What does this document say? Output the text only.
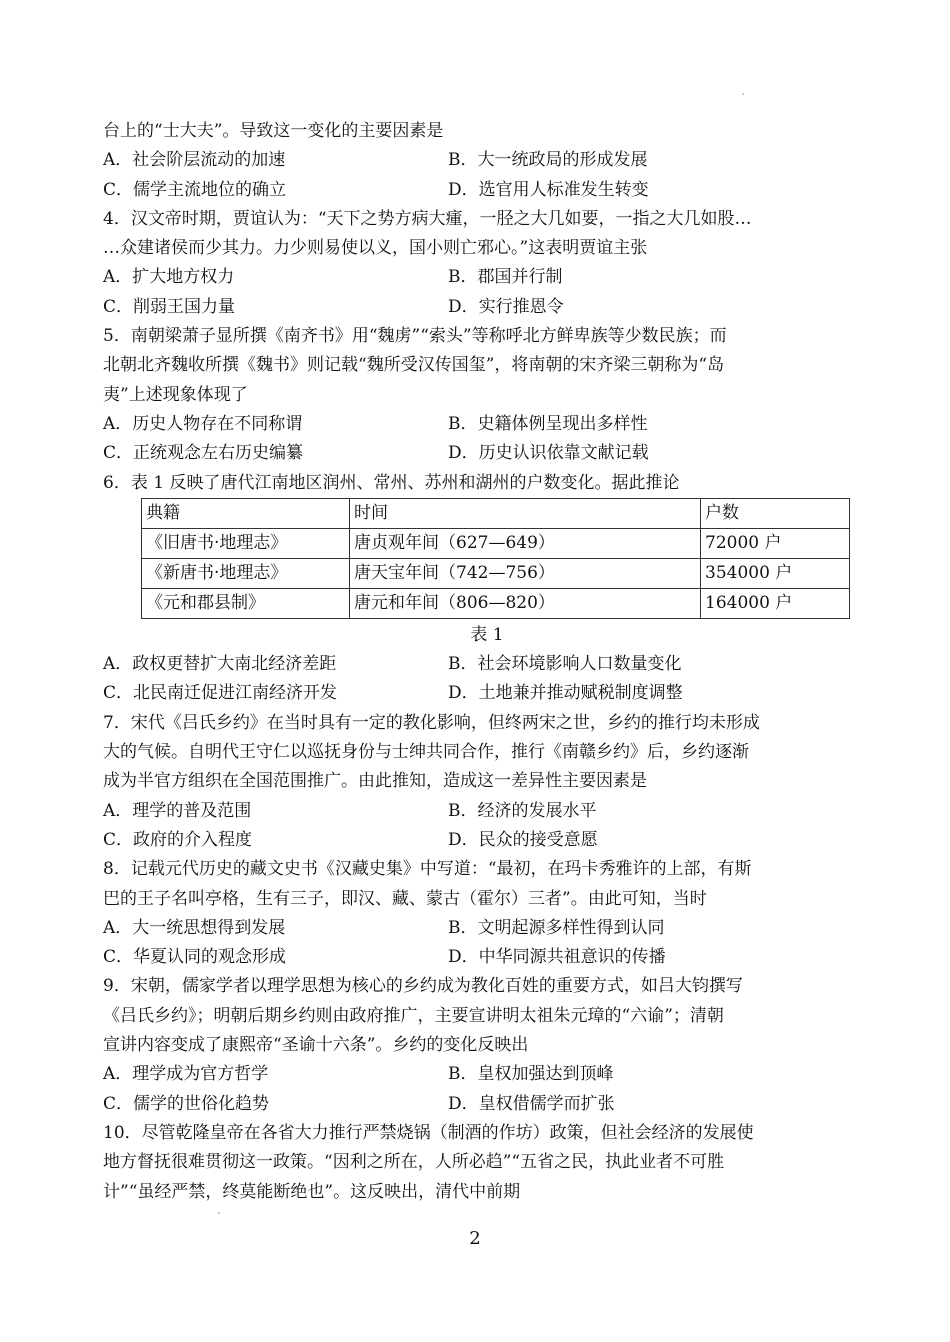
台上的“士大夫”。导致这一变化的主要因素是
A．社会阶层流动的加速	B．大一统政局的形成发展
C．儒学主流地位的确立	D．选官用人标准发生转变
4．汉文帝时期，贾谊认为：“天下之势方病大瘇，一胫之大几如要，一指之大几如股…
…众建诸侯而少其力。力少则易使以义，国小则亡邪心。”这表明贾谊主张
A．扩大地方权力	B．郡国并行制
C．削弱王国力量	D．实行推恩令
5．南朝梁萧子显所撰《南齐书》用“魏虏”“索头”等称呼北方鲜卑族等少数民族；而
北朝北齐魏收所撰《魏书》则记载“魏所受汉传国玺”，将南朝的宋齐梁三朝称为“岛
夷”上述现象体现了
A．历史人物存在不同称谓	B．史籍体例呈现出多样性
C．正统观念左右历史编纂	D．历史认识依靠文献记载
6．表 1 反映了唐代江南地区润州、常州、苏州和湖州的户数变化。据此推论
典籍	时间	户数
《旧唐书·地理志》	唐贞观年间（627—649）	72000 户
《新唐书·地理志》	唐天宝年间（742—756）	354000 户
《元和郡县制》	唐元和年间（806—820）	164000 户
表 1
A．政权更替扩大南北经济差距	B．社会环境影响人口数量变化
C．北民南迁促进江南经济开发	D．土地兼并推动赋税制度调整
7．宋代《吕氏乡约》在当时具有一定的教化影响，但终两宋之世，乡约的推行均未形成
大的气候。自明代王守仁以巡抚身份与士绅共同合作，推行《南赣乡约》后，乡约逐渐
成为半官方组织在全国范围推广。由此推知，造成这一差异性主要因素是
A．理学的普及范围	B．经济的发展水平
C．政府的介入程度	D．民众的接受意愿
8．记载元代历史的藏文史书《汉藏史集》中写道：“最初，在玛卡秀雅许的上部，有斯
巴的王子名叫亭格，生有三子，即汉、藏、蒙古（霍尔）三者”。由此可知，当时
A．大一统思想得到发展	B．文明起源多样性得到认同
C．华夏认同的观念形成	D．中华同源共祖意识的传播
9．宋朝，儒家学者以理学思想为核心的乡约成为教化百姓的重要方式，如吕大钧撰写
《吕氏乡约》；明朝后期乡约则由政府推广，主要宣讲明太祖朱元璋的“六谕”；清朝
宣讲内容变成了康熙帝“圣谕十六条”。乡约的变化反映出
A．理学成为官方哲学	B．皇权加强达到顶峰
C．儒学的世俗化趋势	D．皇权借儒学而扩张
10．尽管乾隆皇帝在各省大力推行严禁烧锅（制酒的作坊）政策，但社会经济的发展使
地方督抚很难贯彻这一政策。“因利之所在，人所必趋”“五省之民，执此业者不可胜
计”“虽经严禁，终莫能断绝也”。这反映出，清代中前期
2
